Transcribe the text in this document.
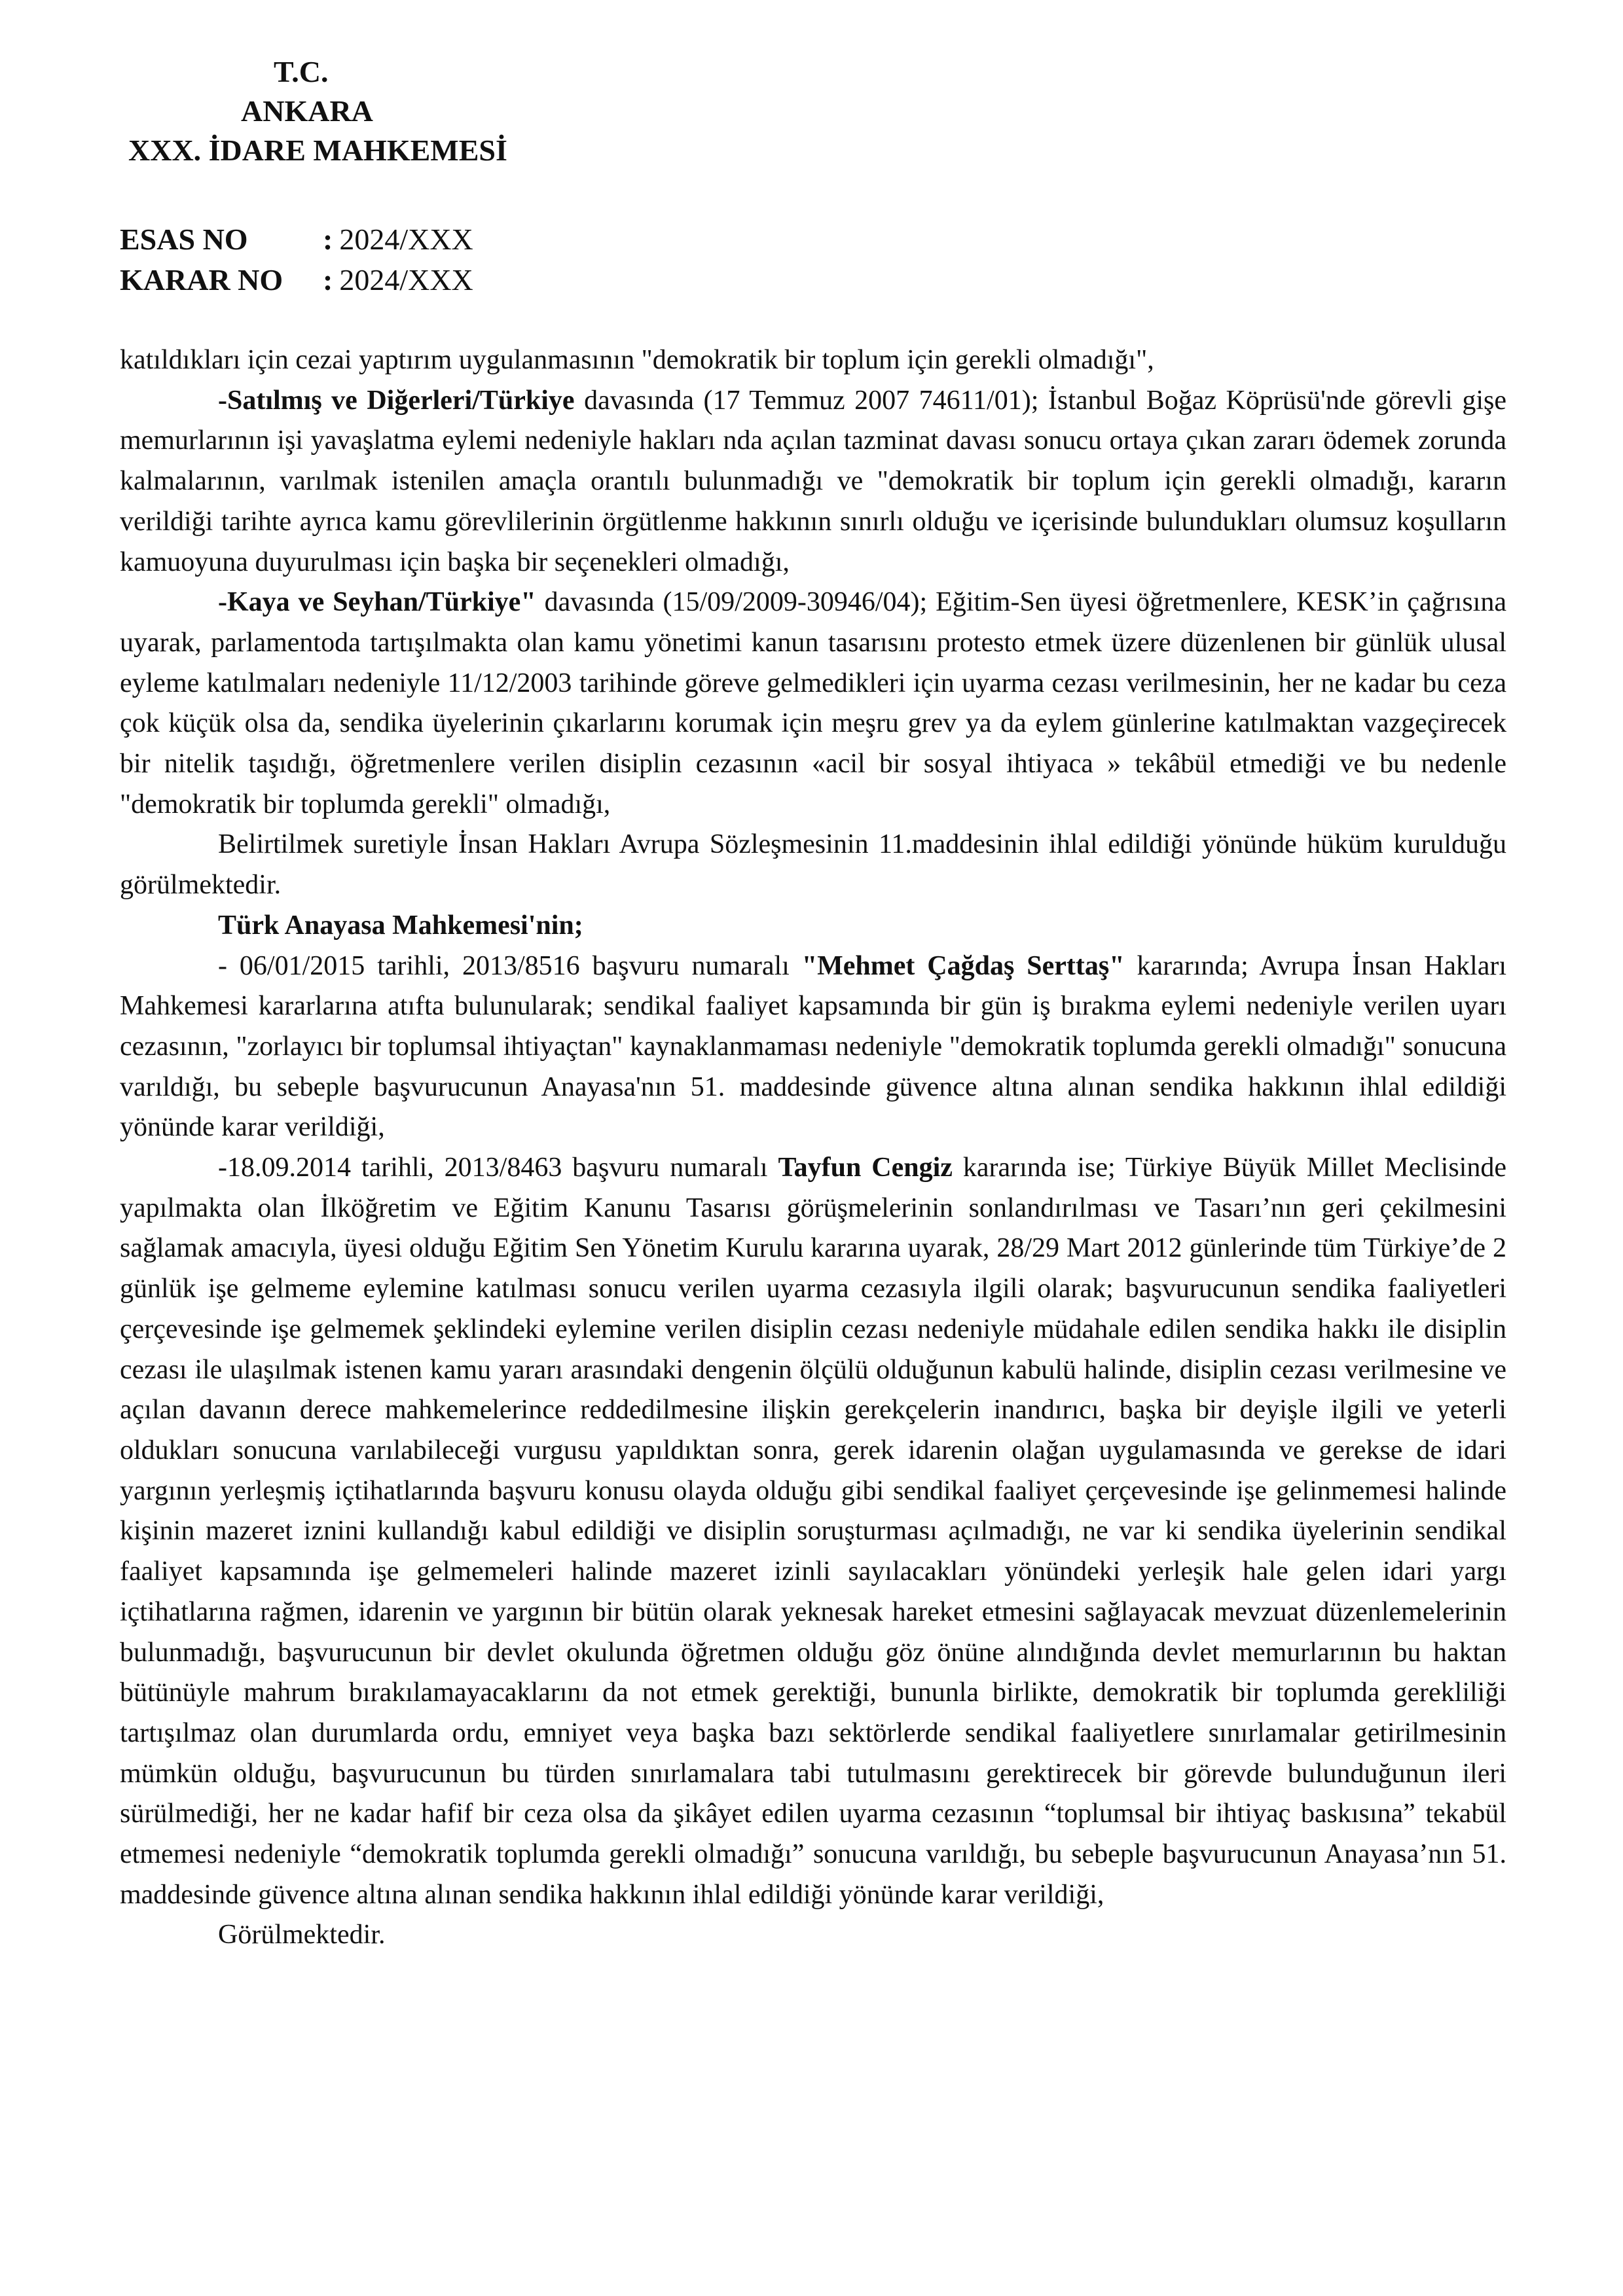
T.C.
ANKARA
XXX. İDARE MAHKEMESİ
ESAS NO	: 2024/XXX
KARAR NO	: 2024/XXX

katıldıkları için cezai yaptırım uygulanmasının "demokratik bir toplum için gerekli olmadığı",

-Satılmış ve Diğerleri/Türkiye davasında (17 Temmuz 2007 74611/01); İstanbul Boğaz Köprüsü'nde görevli gişe memurlarının işi yavaşlatma eylemi nedeniyle hakları nda açılan tazminat davası sonucu ortaya çıkan zararı ödemek zorunda kalmalarının, varılmak istenilen amaçla orantılı bulunmadığı ve "demokratik bir toplum için gerekli olmadığı, kararın verildiği tarihte ayrıca kamu görevlilerinin örgütlenme hakkının sınırlı olduğu ve içerisinde bulundukları olumsuz koşulların kamuoyuna duyurulması için başka bir seçenekleri olmadığı,

-Kaya ve Seyhan/Türkiye" davasında (15/09/2009-30946/04); Eğitim-Sen üyesi öğretmenlere, KESK’in çağrısına uyarak, parlamentoda tartışılmakta olan kamu yönetimi kanun tasarısını protesto etmek üzere düzenlenen bir günlük ulusal eyleme katılmaları nedeniyle 11/12/2003 tarihinde göreve gelmedikleri için uyarma cezası verilmesinin, her ne kadar bu ceza çok küçük olsa da, sendika üyelerinin çıkarlarını korumak için meşru grev ya da eylem günlerine katılmaktan vazgeçirecek bir nitelik taşıdığı, öğretmenlere verilen disiplin cezasının «acil bir sosyal ihtiyaca » tekâbül etmediği ve bu nedenle "demokratik bir toplumda gerekli" olmadığı,

Belirtilmek suretiyle İnsan Hakları Avrupa Sözleşmesinin 11.maddesinin ihlal edildiği yönünde hüküm kurulduğu görülmektedir.

Türk Anayasa Mahkemesi'nin;

- 06/01/2015 tarihli, 2013/8516 başvuru numaralı "Mehmet Çağdaş Serttaş" kararında; Avrupa İnsan Hakları Mahkemesi kararlarına atıfta bulunularak; sendikal faaliyet kapsamında bir gün iş bırakma eylemi nedeniyle verilen uyarı cezasının, "zorlayıcı bir toplumsal ihtiyaçtan" kaynaklanmaması nedeniyle "demokratik toplumda gerekli olmadığı" sonucuna varıldığı, bu sebeple başvurucunun Anayasa'nın 51. maddesinde güvence altına alınan sendika hakkının ihlal edildiği yönünde karar verildiği,

-18.09.2014 tarihli, 2013/8463 başvuru numaralı Tayfun Cengiz kararında ise; Türkiye Büyük Millet Meclisinde yapılmakta olan İlköğretim ve Eğitim Kanunu Tasarısı görüşmelerinin sonlandırılması ve Tasarı’nın geri çekilmesini sağlamak amacıyla, üyesi olduğu Eğitim Sen Yönetim Kurulu kararına uyarak, 28/29 Mart 2012 günlerinde tüm Türkiye’de 2 günlük işe gelmeme eylemine katılması sonucu verilen uyarma cezasıyla ilgili olarak; başvurucunun sendika faaliyetleri çerçevesinde işe gelmemek şeklindeki eylemine verilen disiplin cezası nedeniyle müdahale edilen sendika hakkı ile disiplin cezası ile ulaşılmak istenen kamu yararı arasındaki dengenin ölçülü olduğunun kabulü halinde, disiplin cezası verilmesine ve açılan davanın derece mahkemelerince reddedilmesine ilişkin gerekçelerin inandırıcı, başka bir deyişle ilgili ve yeterli oldukları sonucuna varılabileceği vurgusu yapıldıktan sonra, gerek idarenin olağan uygulamasında ve gerekse de idari yargının yerleşmiş içtihatlarında başvuru konusu olayda olduğu gibi sendikal faaliyet çerçevesinde işe gelinmemesi halinde kişinin mazeret iznini kullandığı kabul edildiği ve disiplin soruşturması açılmadığı, ne var ki sendika üyelerinin sendikal faaliyet kapsamında işe gelmemeleri halinde mazeret izinli sayılacakları yönündeki yerleşik hale gelen idari yargı içtihatlarına rağmen, idarenin ve yargının bir bütün olarak yeknesak hareket etmesini sağlayacak mevzuat düzenlemelerinin bulunmadığı, başvurucunun bir devlet okulunda öğretmen olduğu göz önüne alındığında devlet memurlarının bu haktan bütünüyle mahrum bırakılamayacaklarını da not etmek gerektiği, bununla birlikte, demokratik bir toplumda gerekliliği tartışılmaz olan durumlarda ordu, emniyet veya başka bazı sektörlerde sendikal faaliyetlere sınırlamalar getirilmesinin mümkün olduğu, başvurucunun bu türden sınırlamalara tabi tutulmasını gerektirecek bir görevde bulunduğunun ileri sürülmediği, her ne kadar hafif bir ceza olsa da şikâyet edilen uyarma cezasının “toplumsal bir ihtiyaç baskısına” tekabül etmemesi nedeniyle “demokratik toplumda gerekli olmadığı” sonucuna varıldığı, bu sebeple başvurucunun Anayasa’nın 51. maddesinde güvence altına alınan sendika hakkının ihlal edildiği yönünde karar verildiği,

Görülmektedir.
